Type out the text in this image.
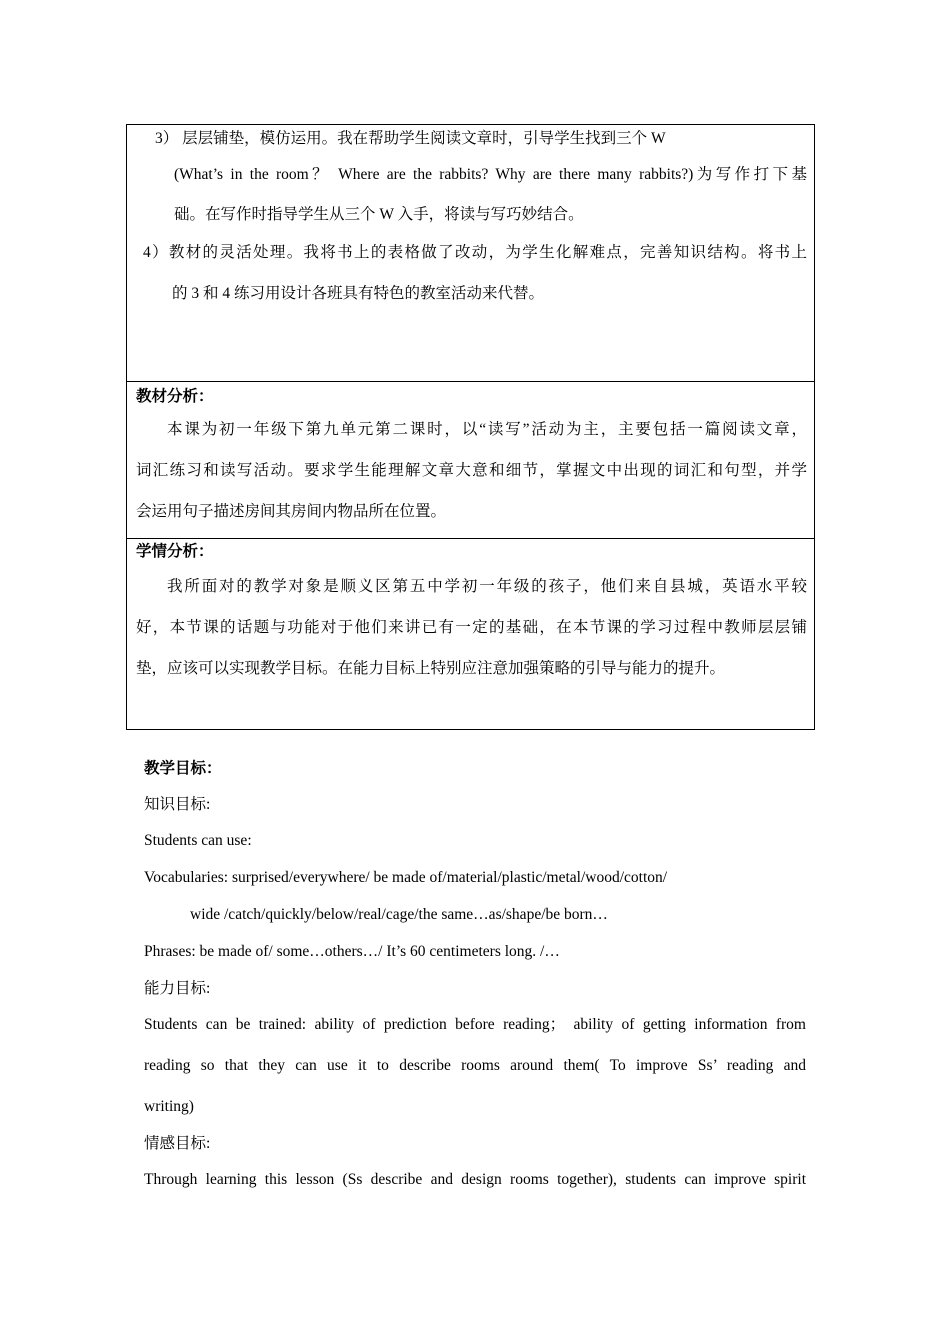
3） 层层铺垫，模仿运用。我在帮助学生阅读文章时，引导学生找到三个 W
(What’s in the room？ Where are the rabbits? Why are there many rabbits?)为写作打下基
础。在写作时指导学生从三个 W 入手，将读与写巧妙结合。
4）教材的灵活处理。我将书上的表格做了改动，为学生化解难点，完善知识结构。将书上
的 3 和 4 练习用设计各班具有特色的教室活动来代替。
教材分析：
本课为初一年级下第九单元第二课时，以“读写”活动为主，主要包括一篇阅读文章，
词汇练习和读写活动。要求学生能理解文章大意和细节，掌握文中出现的词汇和句型，并学
会运用句子描述房间其房间内物品所在位置。
学情分析：
我所面对的教学对象是顺义区第五中学初一年级的孩子，他们来自县城，英语水平较
好，本节课的话题与功能对于他们来讲已有一定的基础，在本节课的学习过程中教师层层铺
垫，应该可以实现教学目标。在能力目标上特别应注意加强策略的引导与能力的提升。
教学目标：
知识目标:
Students can use:
Vocabularies: surprised/everywhere/ be made of/material/plastic/metal/wood/cotton/
wide /catch/quickly/below/real/cage/the same…as/shape/be born…
Phrases: be made of/ some…others…/ It’s 60 centimeters long. /…
能力目标:
Students can be trained: ability of prediction before reading； ability of getting information from
reading so that they can use it to describe rooms around them( To improve Ss’ reading and
writing)
情感目标:
Through learning this lesson (Ss describe and design rooms together), students can improve spirit
